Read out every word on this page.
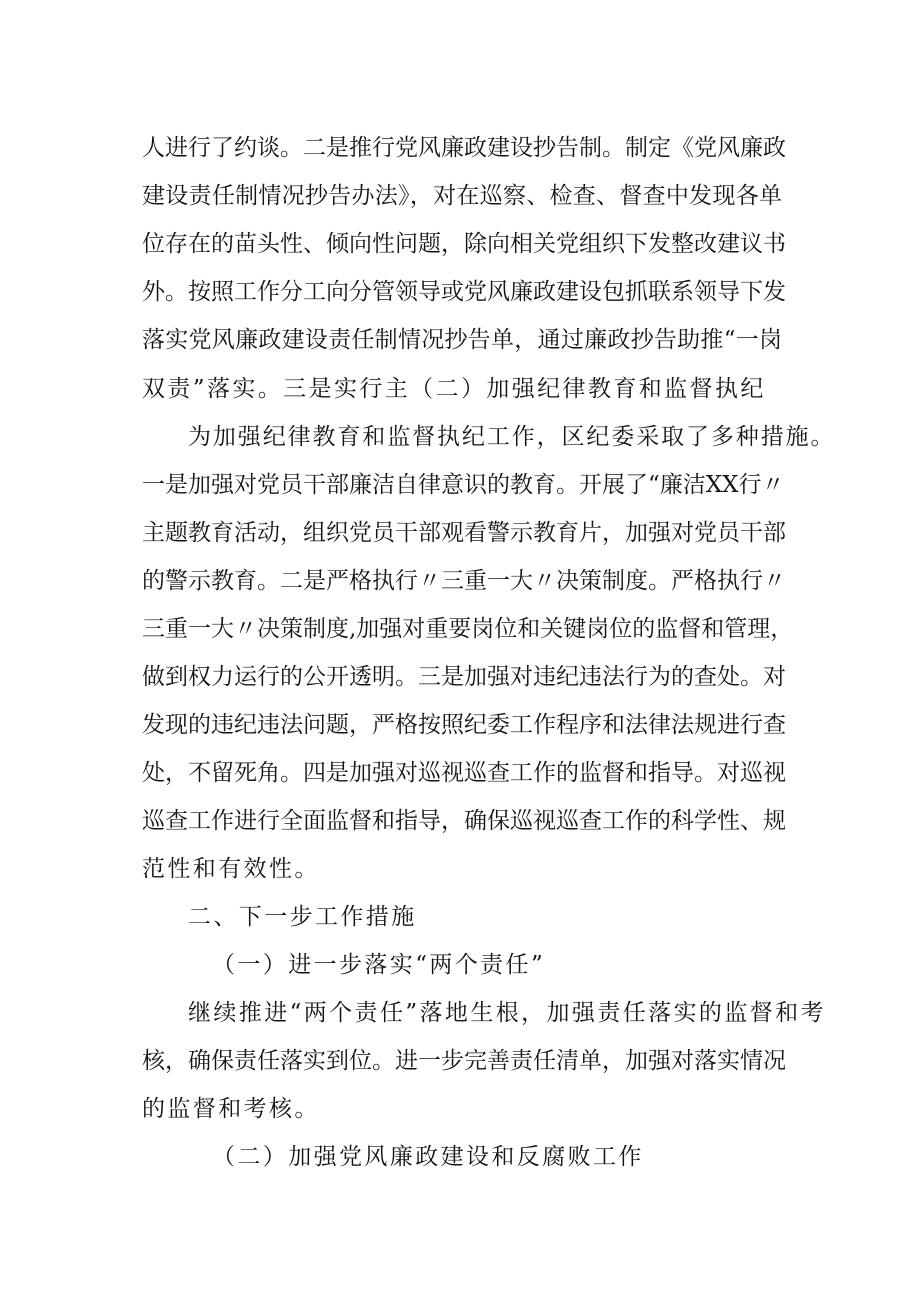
人进行了约谈。二是推行党风廉政建设抄告制。制定《党风廉政
建设责任制情况抄告办法》，对在巡察、检查、督查中发现各单
位存在的苗头性、倾向性问题，除向相关党组织下发整改建议书
外。按照工作分工向分管领导或党风廉政建设包抓联系领导下发
落实党风廉政建设责任制情况抄告单，通过廉政抄告助推“一岗
双责”落实。三是实行主（二）加强纪律教育和监督执纪
为加强纪律教育和监督执纪工作，区纪委采取了多种措施。
一是加强对党员干部廉洁自律意识的教育。开展了“廉洁XX行〃
主题教育活动，组织党员干部观看警示教育片，加强对党员干部
的警示教育。二是严格执行〃三重一大〃决策制度。严格执行〃
三重一大〃决策制度,加强对重要岗位和关键岗位的监督和管理，
做到权力运行的公开透明。三是加强对违纪违法行为的查处。对
发现的违纪违法问题，严格按照纪委工作程序和法律法规进行查
处，不留死角。四是加强对巡视巡查工作的监督和指导。对巡视
巡查工作进行全面监督和指导，确保巡视巡查工作的科学性、规
范性和有效性。
二、下一步工作措施
（一）进一步落实“两个责任”
继续推进“两个责任”落地生根，加强责任落实的监督和考
核，确保责任落实到位。进一步完善责任清单，加强对落实情况
的监督和考核。
（二）加强党风廉政建设和反腐败工作
